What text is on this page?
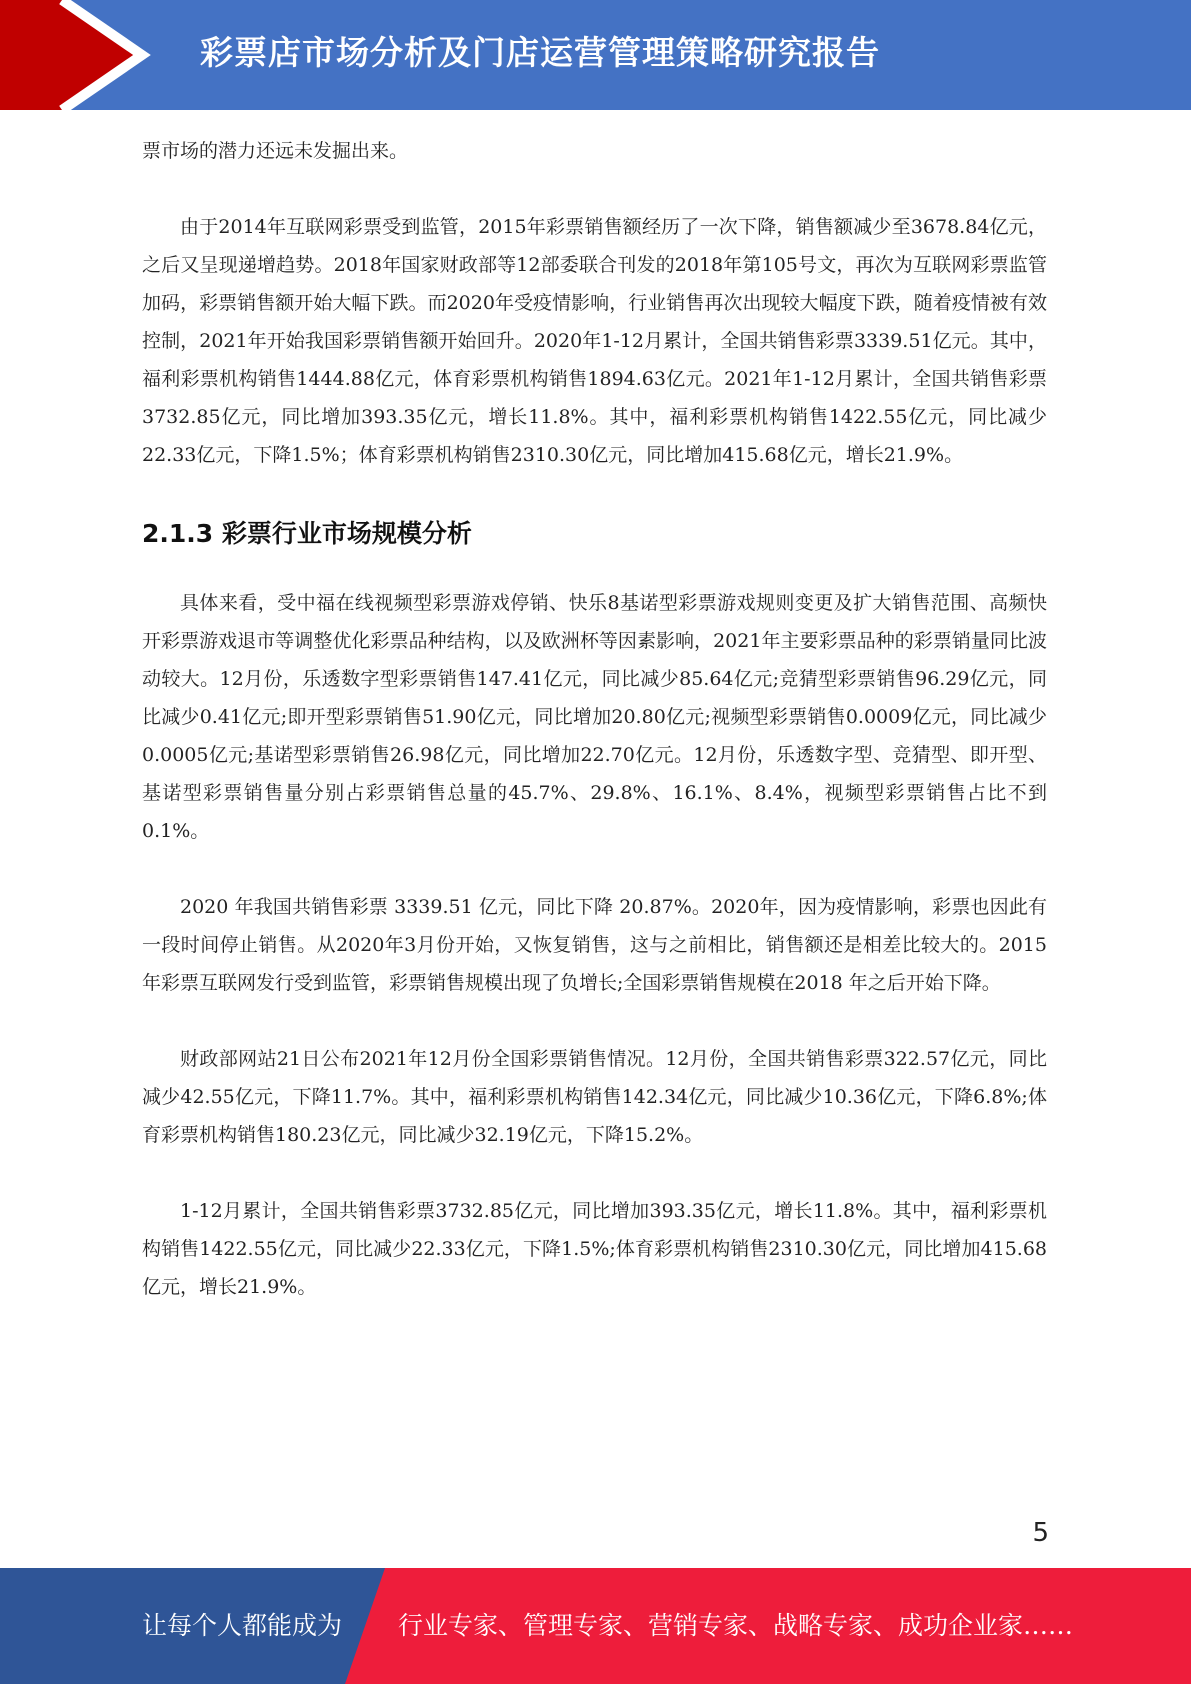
彩票店市场分析及门店运营管理策略研究报告

票市场的潜力还远未发掘出来。

由于2014年互联网彩票受到监管，2015年彩票销售额经历了一次下降，销售额减少至3678.84亿元，之后又呈现递增趋势。2018年国家财政部等12部委联合刊发的2018年第105号文，再次为互联网彩票监管加码，彩票销售额开始大幅下跌。而2020年受疫情影响，行业销售再次出现较大幅度下跌，随着疫情被有效控制，2021年开始我国彩票销售额开始回升。2020年1-12月累计，全国共销售彩票3339.51亿元。其中，福利彩票机构销售1444.88亿元，体育彩票机构销售1894.63亿元。2021年1-12月累计，全国共销售彩票3732.85亿元，同比增加393.35亿元，增长11.8%。其中，福利彩票机构销售1422.55亿元，同比减少22.33亿元，下降1.5%；体育彩票机构销售2310.30亿元，同比增加415.68亿元，增长21.9%。

2.1.3 彩票行业市场规模分析

具体来看，受中福在线视频型彩票游戏停销、快乐8基诺型彩票游戏规则变更及扩大销售范围、高频快开彩票游戏退市等调整优化彩票品种结构，以及欧洲杯等因素影响，2021年主要彩票品种的彩票销量同比波动较大。12月份，乐透数字型彩票销售147.41亿元，同比减少85.64亿元;竞猜型彩票销售96.29亿元，同比减少0.41亿元;即开型彩票销售51.90亿元，同比增加20.80亿元;视频型彩票销售0.0009亿元，同比减少0.0005亿元;基诺型彩票销售26.98亿元，同比增加22.70亿元。12月份，乐透数字型、竞猜型、即开型、基诺型彩票销售量分别占彩票销售总量的45.7%、29.8%、16.1%、8.4%，视频型彩票销售占比不到0.1%。

2020 年我国共销售彩票 3339.51 亿元，同比下降 20.87%。2020年，因为疫情影响，彩票也因此有一段时间停止销售。从2020年3月份开始，又恢复销售，这与之前相比，销售额还是相差比较大的。2015 年彩票互联网发行受到监管，彩票销售规模出现了负增长;全国彩票销售规模在2018 年之后开始下降。

财政部网站21日公布2021年12月份全国彩票销售情况。12月份，全国共销售彩票322.57亿元，同比减少42.55亿元，下降11.7%。其中，福利彩票机构销售142.34亿元，同比减少10.36亿元，下降6.8%;体育彩票机构销售180.23亿元，同比减少32.19亿元，下降15.2%。

1-12月累计，全国共销售彩票3732.85亿元，同比增加393.35亿元，增长11.8%。其中，福利彩票机构销售1422.55亿元，同比减少22.33亿元，下降1.5%;体育彩票机构销售2310.30亿元，同比增加415.68亿元，增长21.9%。

5
让每个人都能成为 行业专家、管理专家、营销专家、战略专家、成功企业家……
